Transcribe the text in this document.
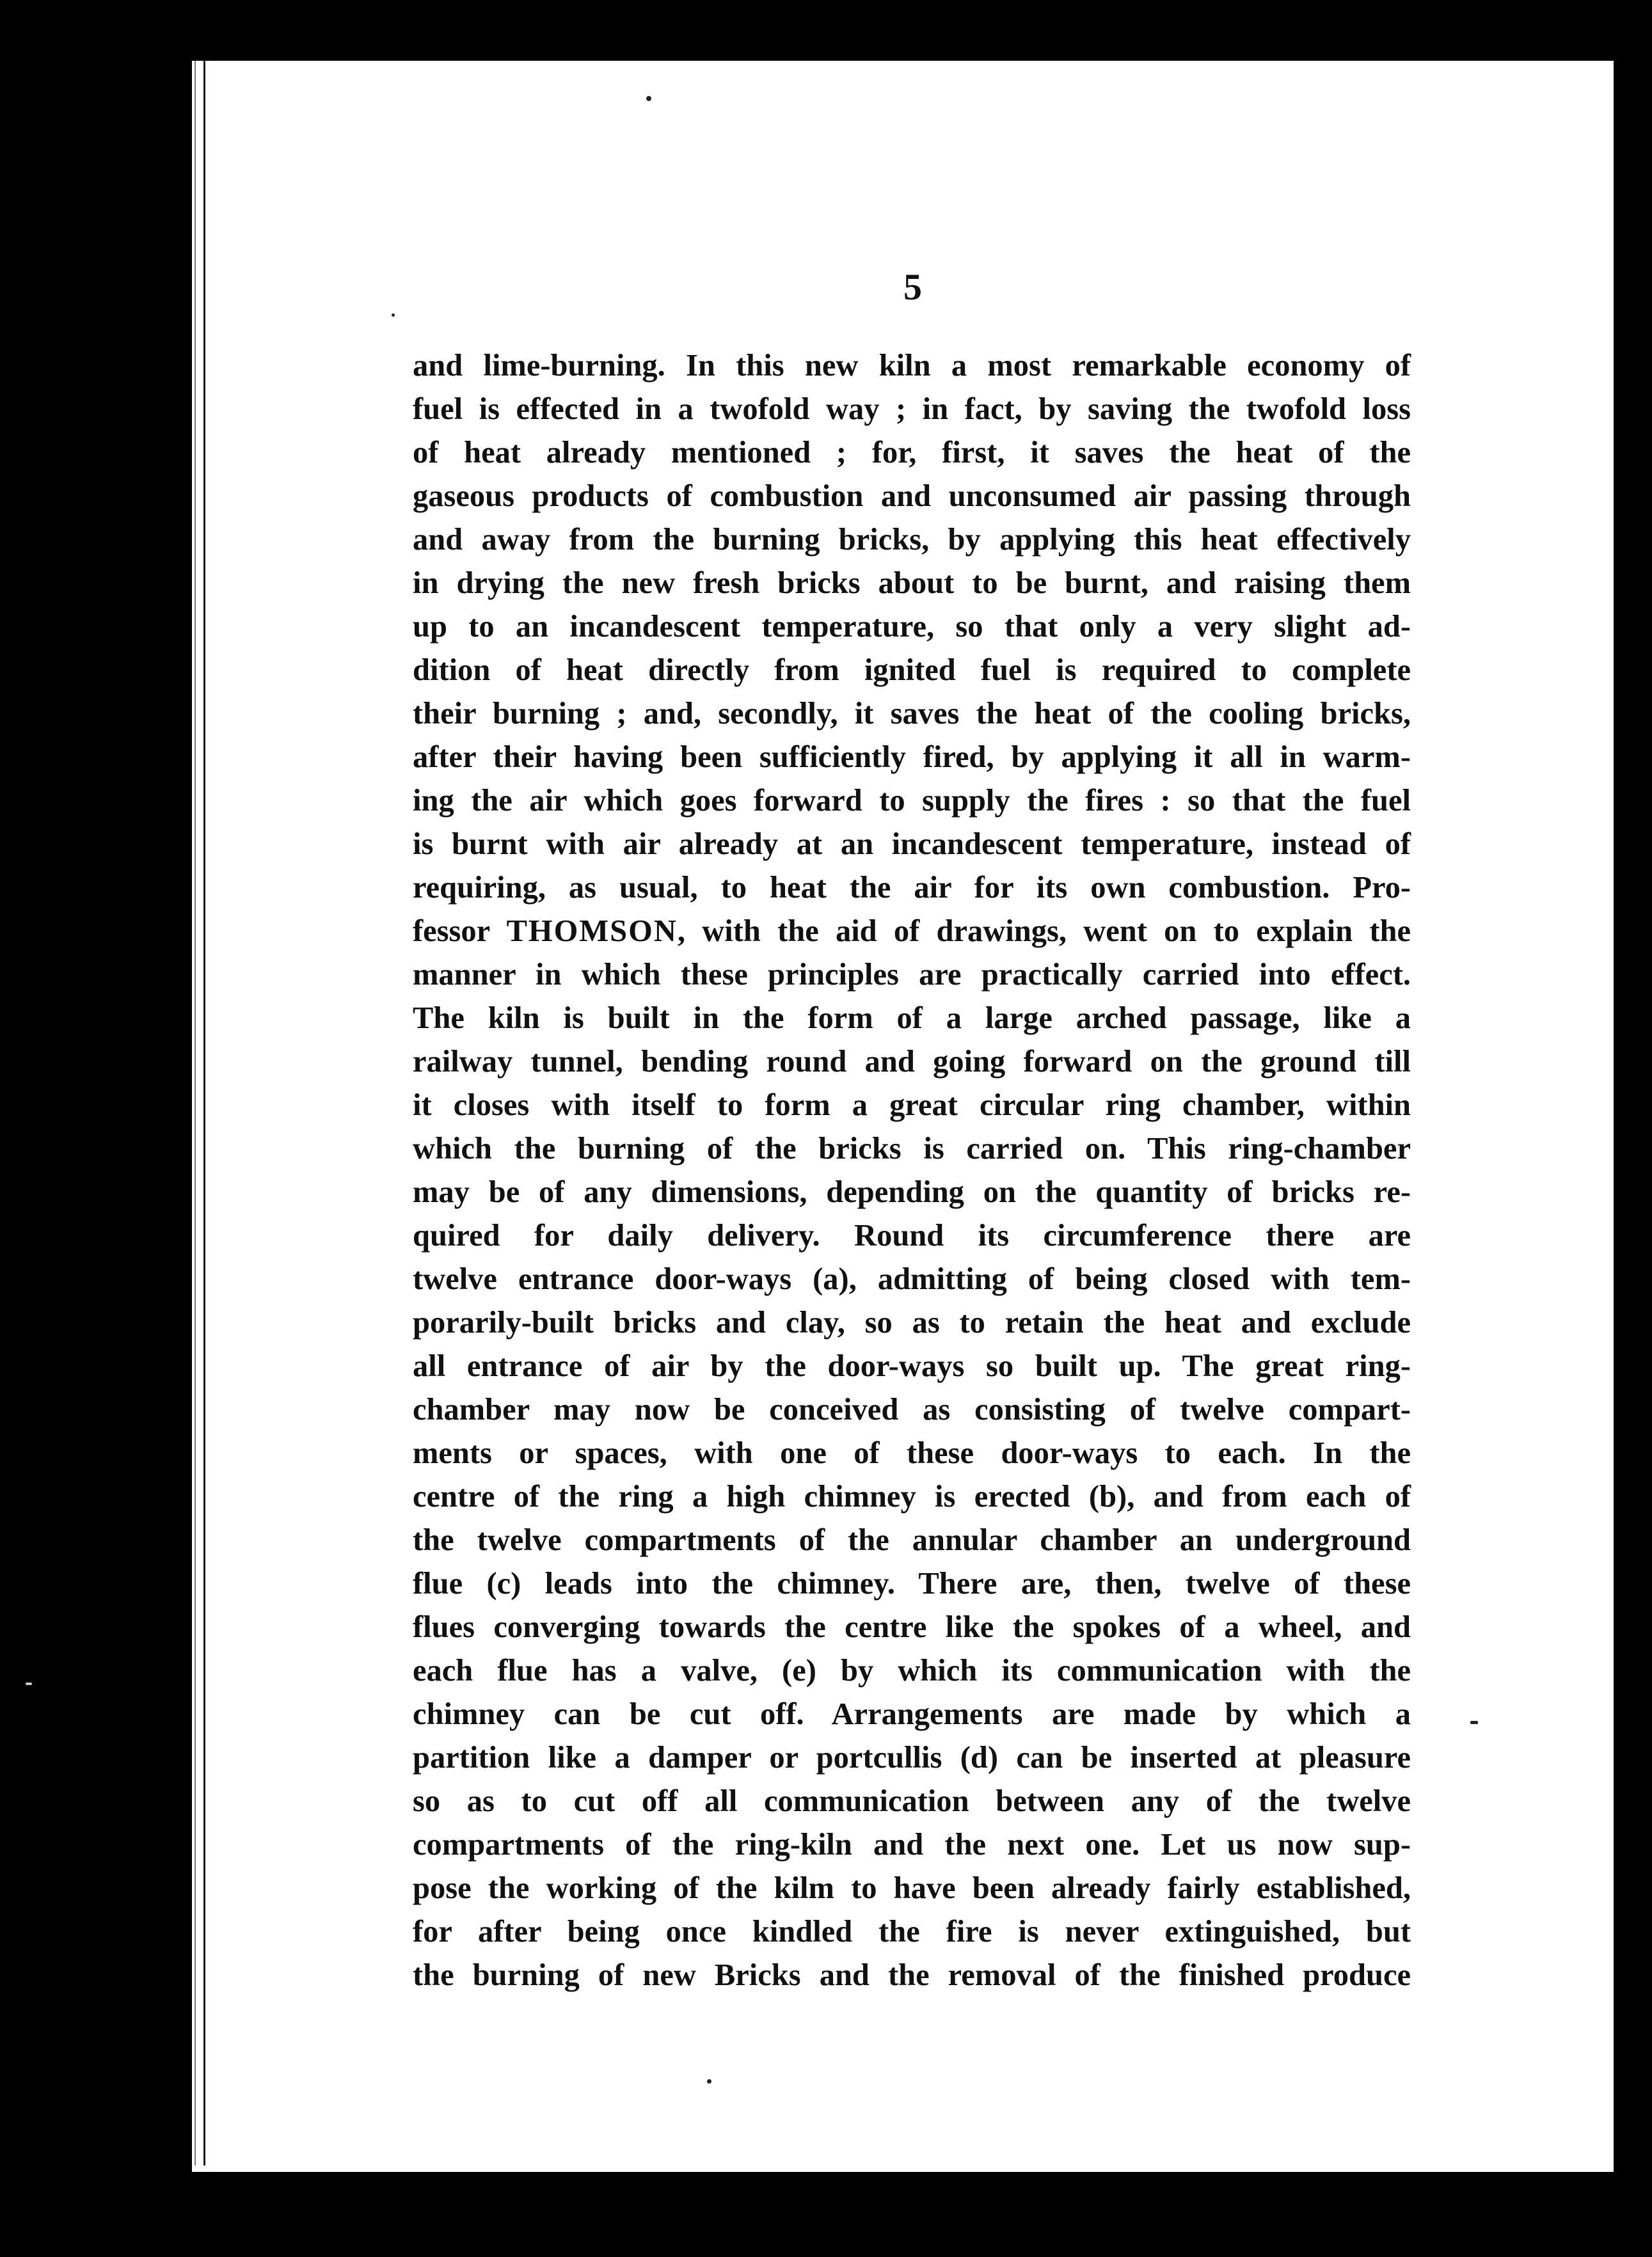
5
and lime-burning. In this new kiln a most remarkable economy of
fuel is effected in a twofold way ; in fact, by saving the twofold loss
of heat already mentioned ; for, first, it saves the heat of the
gaseous products of combustion and unconsumed air passing through
and away from the burning bricks, by applying this heat effectively
in drying the new fresh bricks about to be burnt, and raising them
up to an incandescent temperature, so that only a very slight ad-
dition of heat directly from ignited fuel is required to complete
their burning ; and, secondly, it saves the heat of the cooling bricks,
after their having been sufficiently fired, by applying it all in warm-
ing the air which goes forward to supply the fires : so that the fuel
is burnt with air already at an incandescent temperature, instead of
requiring, as usual, to heat the air for its own combustion. Pro-
fessor THOMSON, with the aid of drawings, went on to explain the
manner in which these principles are practically carried into effect.
The kiln is built in the form of a large arched passage, like a
railway tunnel, bending round and going forward on the ground till
it closes with itself to form a great circular ring chamber, within
which the burning of the bricks is carried on. This ring-chamber
may be of any dimensions, depending on the quantity of bricks re-
quired for daily delivery. Round its circumference there are
twelve entrance door-ways (a), admitting of being closed with tem-
porarily-built bricks and clay, so as to retain the heat and exclude
all entrance of air by the door-ways so built up. The great ring-
chamber may now be conceived as consisting of twelve compart-
ments or spaces, with one of these door-ways to each. In the
centre of the ring a high chimney is erected (b), and from each of
the twelve compartments of the annular chamber an underground
flue (c) leads into the chimney. There are, then, twelve of these
flues converging towards the centre like the spokes of a wheel, and
each flue has a valve, (e) by which its communication with the
chimney can be cut off. Arrangements are made by which a
partition like a damper or portcullis (d) can be inserted at pleasure
so as to cut off all communication between any of the twelve
compartments of the ring-kiln and the next one. Let us now sup-
pose the working of the kilm to have been already fairly established,
for after being once kindled the fire is never extinguished, but
the burning of new Bricks and the removal of the finished produce
